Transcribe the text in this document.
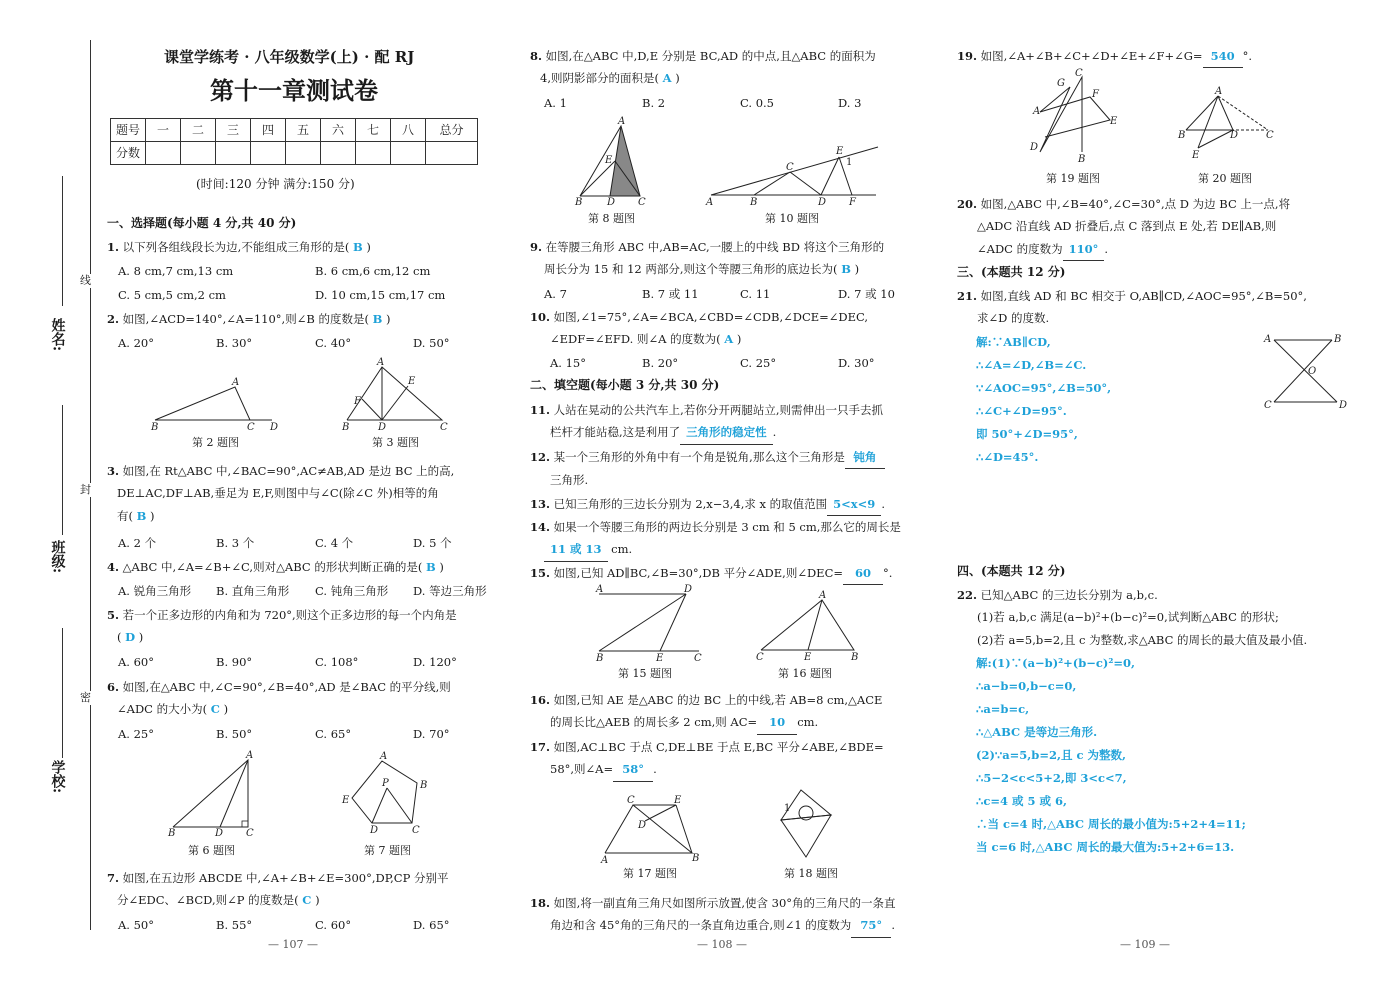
姓名:
班级:
学校:
线
封
密
课堂学练考 · 八年级数学(上) · 配 RJ
第十一章测试卷
题号	一	二	三	四	五	六	七	八	总分
分数									
(时间:120 分钟 满分:150 分)
一、选择题(每小题 4 分,共 40 分)
1. 以下列各组线段长为边,不能组成三角形的是( B )
A. 8 cm,7 cm,13 cm	B. 6 cm,6 cm,12 cm
C. 5 cm,5 cm,2 cm	D. 10 cm,15 cm,17 cm
2. 如图,∠ACD=140°,∠A=110°,则∠B 的度数是( B )
A. 20°	B. 30°	C. 40°	D. 50°
B
A
C D
第 2 题图
A
F
E
B	D	C
第 3 题图
3. 如图,在 Rt△ABC 中,∠BAC=90°,AC≠AB,AD 是边 BC 上的高,
DE⊥AC,DF⊥AB,垂足为 E,F,则图中与∠C(除∠C 外)相等的角
有( B )
A. 2 个	B. 3 个	C. 4 个	D. 5 个
4. △ABC 中,∠A=∠B+∠C,则对△ABC 的形状判断正确的是( B )
A. 锐角三角形 B. 直角三角形 C. 钝角三角形 D. 等边三角形
5. 若一个正多边形的内角和为 720°,则这个正多边形的每一个内角是
( D )
A. 60°	B. 90°	C. 108°	D. 120°
6. 如图,在△ABC 中,∠C=90°,∠B=40°,AD 是∠BAC 的平分线,则
∠ADC 的大小为( C )
A. 25°	B. 50°	C. 65°	D. 70°
A
B	D C
第 6 题图
A
B
C
D
E
P
第 7 题图
7. 如图,在五边形 ABCDE 中,∠A+∠B+∠E=300°,DP,CP 分别平
分∠EDC、∠BCD,则∠P 的度数是( C )
A. 50°	B. 55°	C. 60°	D. 65°
— 107 —
8. 如图,在△ABC 中,D,E 分别是 BC,AD 的中点,且△ABC 的面积为
4,则阴影部分的面积是( A )
A. 1	B. 2	C. 0.5	D. 3
A
E
B D C
第 8 题图
A	B
C
D
E
F
1
第 10 题图
9. 在等腰三角形 ABC 中,AB=AC,一腰上的中线 BD 将这个三角形的
周长分为 15 和 12 两部分,则这个等腰三角形的底边长为( B )
A. 7	B. 7 或 11	C. 11	D. 7 或 10
10. 如图,∠1=75°,∠A=∠BCA,∠CBD=∠CDB,∠DCE=∠DEC,
∠EDF=∠EFD. 则∠A 的度数为( A )
A. 15°	B. 20°	C. 25°	D. 30°
二、填空题(每小题 3 分,共 30 分)
11. 人站在晃动的公共汽车上,若你分开两腿站立,则需伸出一只手去抓
栏杆才能站稳,这是利用了 三角形的稳定性 .
12. 某一个三角形的外角中有一个角是锐角,那么这个三角形是 钝角
三角形.
13. 已知三角形的三边长分别为 2,x−3,4,求 x 的取值范围 5<x<9 .
14. 如果一个等腰三角形的两边长分别是 3 cm 和 5 cm,那么它的周长是
11 或 13 cm.
15. 如图,已知 AD∥BC,∠B=30°,DB 平分∠ADE,则∠DEC= 60 °.
A	D
B	E	C
第 15 题图
A
C	E	B
第 16 题图
16. 如图,已知 AE 是△ABC 的边 BC 上的中线,若 AB=8 cm,△ACE
的周长比△AEB 的周长多 2 cm,则 AC= 10 cm.
17. 如图,AC⊥BC 于点 C,DE⊥BE 于点 E,BC 平分∠ABE,∠BDE=
58°,则∠A= 58° .
A
C	E
D
B
第 17 题图
1
第 18 题图
18. 如图,将一副直角三角尺如图所示放置,使含 30°角的三角尺的一条直
角边和含 45°角的三角尺的一条直角边重合,则∠1 的度数为 75° .
— 108 —
19. 如图,∠A+∠B+∠C+∠D+∠E+∠F+∠G= 540 °.
G
C
F
E
A
D
B
第 19 题图
A
B	D	C
E
第 20 题图
20. 如图,△ABC 中,∠B=40°,∠C=30°,点 D 为边 BC 上一点,将
△ADC 沿直线 AD 折叠后,点 C 落到点 E 处,若 DE∥AB,则
∠ADC 的度数为 110° .
三、(本题共 12 分)
21. 如图,直线 AD 和 BC 相交于 O,AB∥CD,∠AOC=95°,∠B=50°,
求∠D 的度数.
解:∵AB∥CD,
∴∠A=∠D,∠B=∠C.
∵∠AOC=95°,∠B=50°,
∴∠C+∠D=95°.
即 50°+∠D=95°,
∴∠D=45°.
A	B
O
C	D
四、(本题共 12 分)
22. 已知△ABC 的三边长分别为 a,b,c.
(1)若 a,b,c 满足(a−b)²+(b−c)²=0,试判断△ABC 的形状;
(2)若 a=5,b=2,且 c 为整数,求△ABC 的周长的最大值及最小值.
解:(1)∵(a−b)²+(b−c)²=0,
∴a−b=0,b−c=0,
∴a=b=c,
∴△ABC 是等边三角形.
(2)∵a=5,b=2,且 c 为整数,
∴5−2<c<5+2,即 3<c<7,
∴c=4 或 5 或 6,
∴当 c=4 时,△ABC 周长的最小值为:5+2+4=11;
当 c=6 时,△ABC 周长的最大值为:5+2+6=13.
— 109 —
